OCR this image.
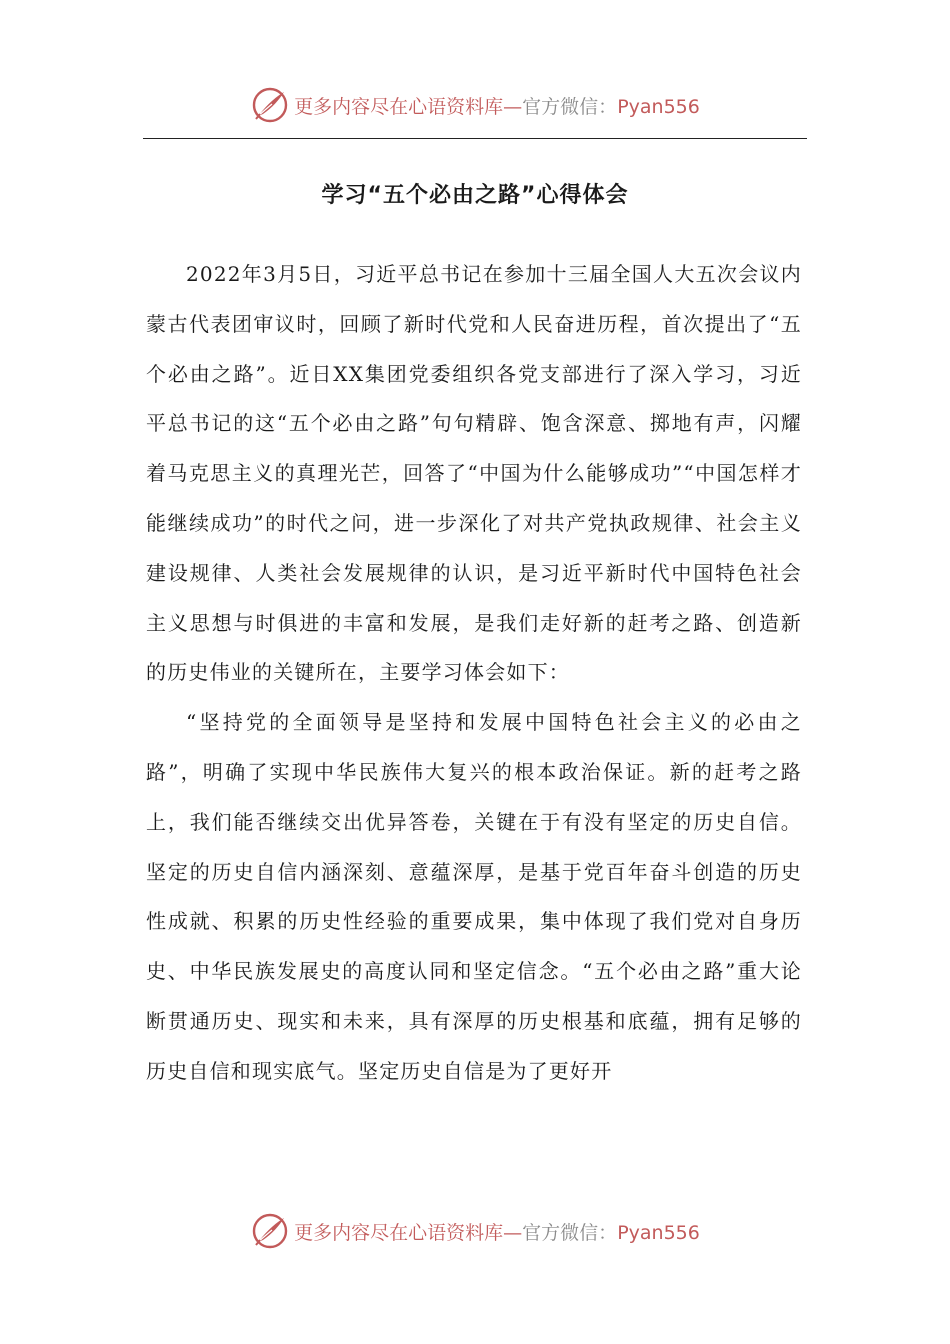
更多内容尽在心语资料库—官方微信：Pyan556
学习“五个必由之路”心得体会

2022年3月5日，习近平总书记在参加十三届全国人大五次会议内蒙古代表团审议时，回顾了新时代党和人民奋进历程，首次提出了“五个必由之路”。近日XX集团党委组织各党支部进行了深入学习，习近平总书记的这“五个必由之路”句句精辟、饱含深意、掷地有声，闪耀着马克思主义的真理光芒，回答了“中国为什么能够成功”“中国怎样才能继续成功”的时代之问，进一步深化了对共产党执政规律、社会主义建设规律、人类社会发展规律的认识，是习近平新时代中国特色社会主义思想与时俱进的丰富和发展，是我们走好新的赶考之路、创造新的历史伟业的关键所在，主要学习体会如下：

“坚持党的全面领导是坚持和发展中国特色社会主义的必由之路”，明确了实现中华民族伟大复兴的根本政治保证。新的赶考之路上，我们能否继续交出优异答卷，关键在于有没有坚定的历史自信。坚定的历史自信内涵深刻、意蕴深厚，是基于党百年奋斗创造的历史性成就、积累的历史性经验的重要成果，集中体现了我们党对自身历史、中华民族发展史的高度认同和坚定信念。“五个必由之路”重大论断贯通历史、现实和未来，具有深厚的历史根基和底蕴，拥有足够的历史自信和现实底气。坚定历史自信是为了更好开

更多内容尽在心语资料库—官方微信：Pyan556
